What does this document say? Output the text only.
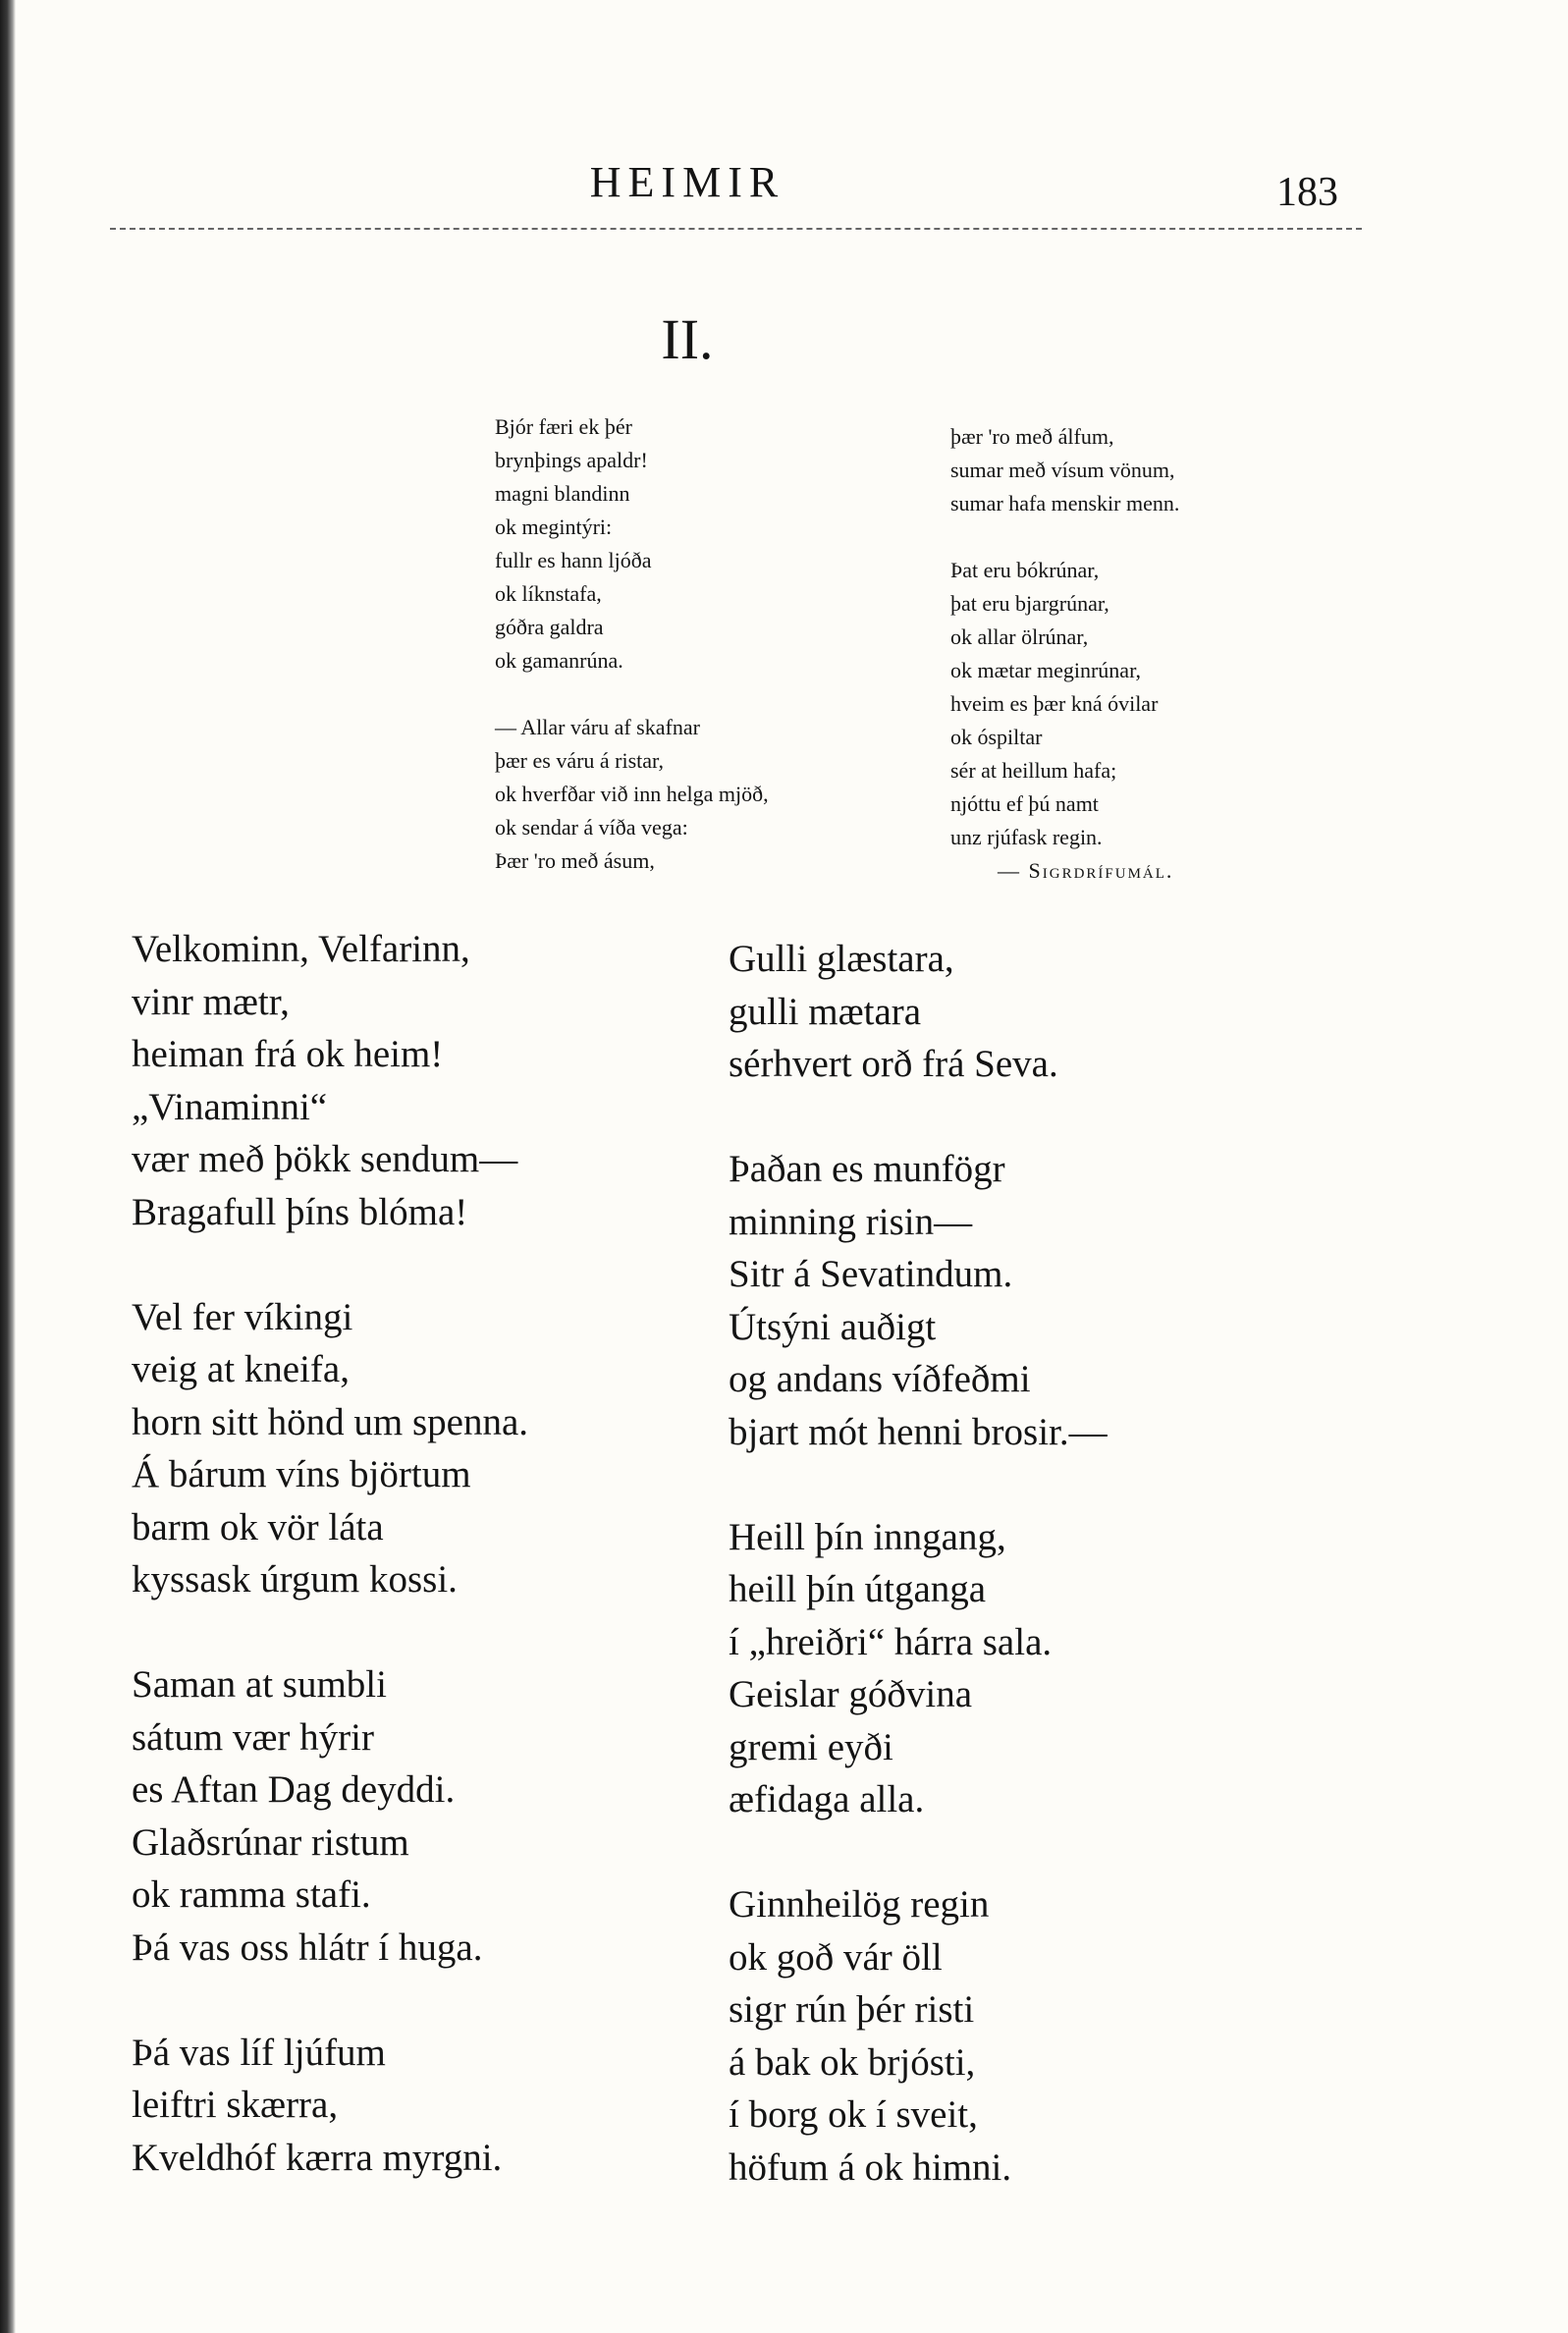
HEIMIR	183
II.
Bjór færi ek þér
brynþings apaldr!
magni blandinn
ok megintýri:
fullr es hann ljóða
ok líknstafa,
góðra galdra
ok gamanrúna.
— Allar váru af skafnar
þær es váru á ristar,
ok hverfðar við inn helga mjöð,
ok sendar á víða vega:
Þær 'ro með ásum,
þær 'ro með álfum,
sumar með vísum vönum,
sumar hafa menskir menn.
Þat eru bókrúnar,
þat eru bjargrúnar,
ok allar ölrúnar,
ok mætar meginrúnar,
hveim es þær kná óvilar
ok óspiltar
sér at heillum hafa;
njóttu ef þú namt
unz rjúfask regin.
— Sigrdrífumál.
Velkominn, Velfarinn,
vinr mætr,
heiman frá ok heim!
„Vinaminni“
vær með þökk sendum—
Bragafull þíns blóma!
Vel fer víkingi
veig at kneifa,
horn sitt hönd um spenna.
Á bárum víns björtum
barm ok vör láta
kyssask úrgum kossi.
Saman at sumbli
sátum vær hýrir
es Aftan Dag deyddi.
Glaðsrúnar ristum
ok ramma stafi.
Þá vas oss hlátr í huga.
Þá vas líf ljúfum
leiftri skærra,
Kveldhóf kærra myrgni.
Gulli glæstara,
gulli mætara
sérhvert orð frá Seva.
Þaðan es munfögr
minning risin—
Sitr á Sevatindum.
Útsýni auðigt
og andans víðfeðmi
bjart mót henni brosir.—
Heill þín inngang,
heill þín útganga
í „hreiðri“ hárra sala.
Geislar góðvina
gremi eyði
æfidaga alla.
Ginnheilög regin
ok goð vár öll
sigr rún þér risti
á bak ok brjósti,
í borg ok í sveit,
höfum á ok himni.
